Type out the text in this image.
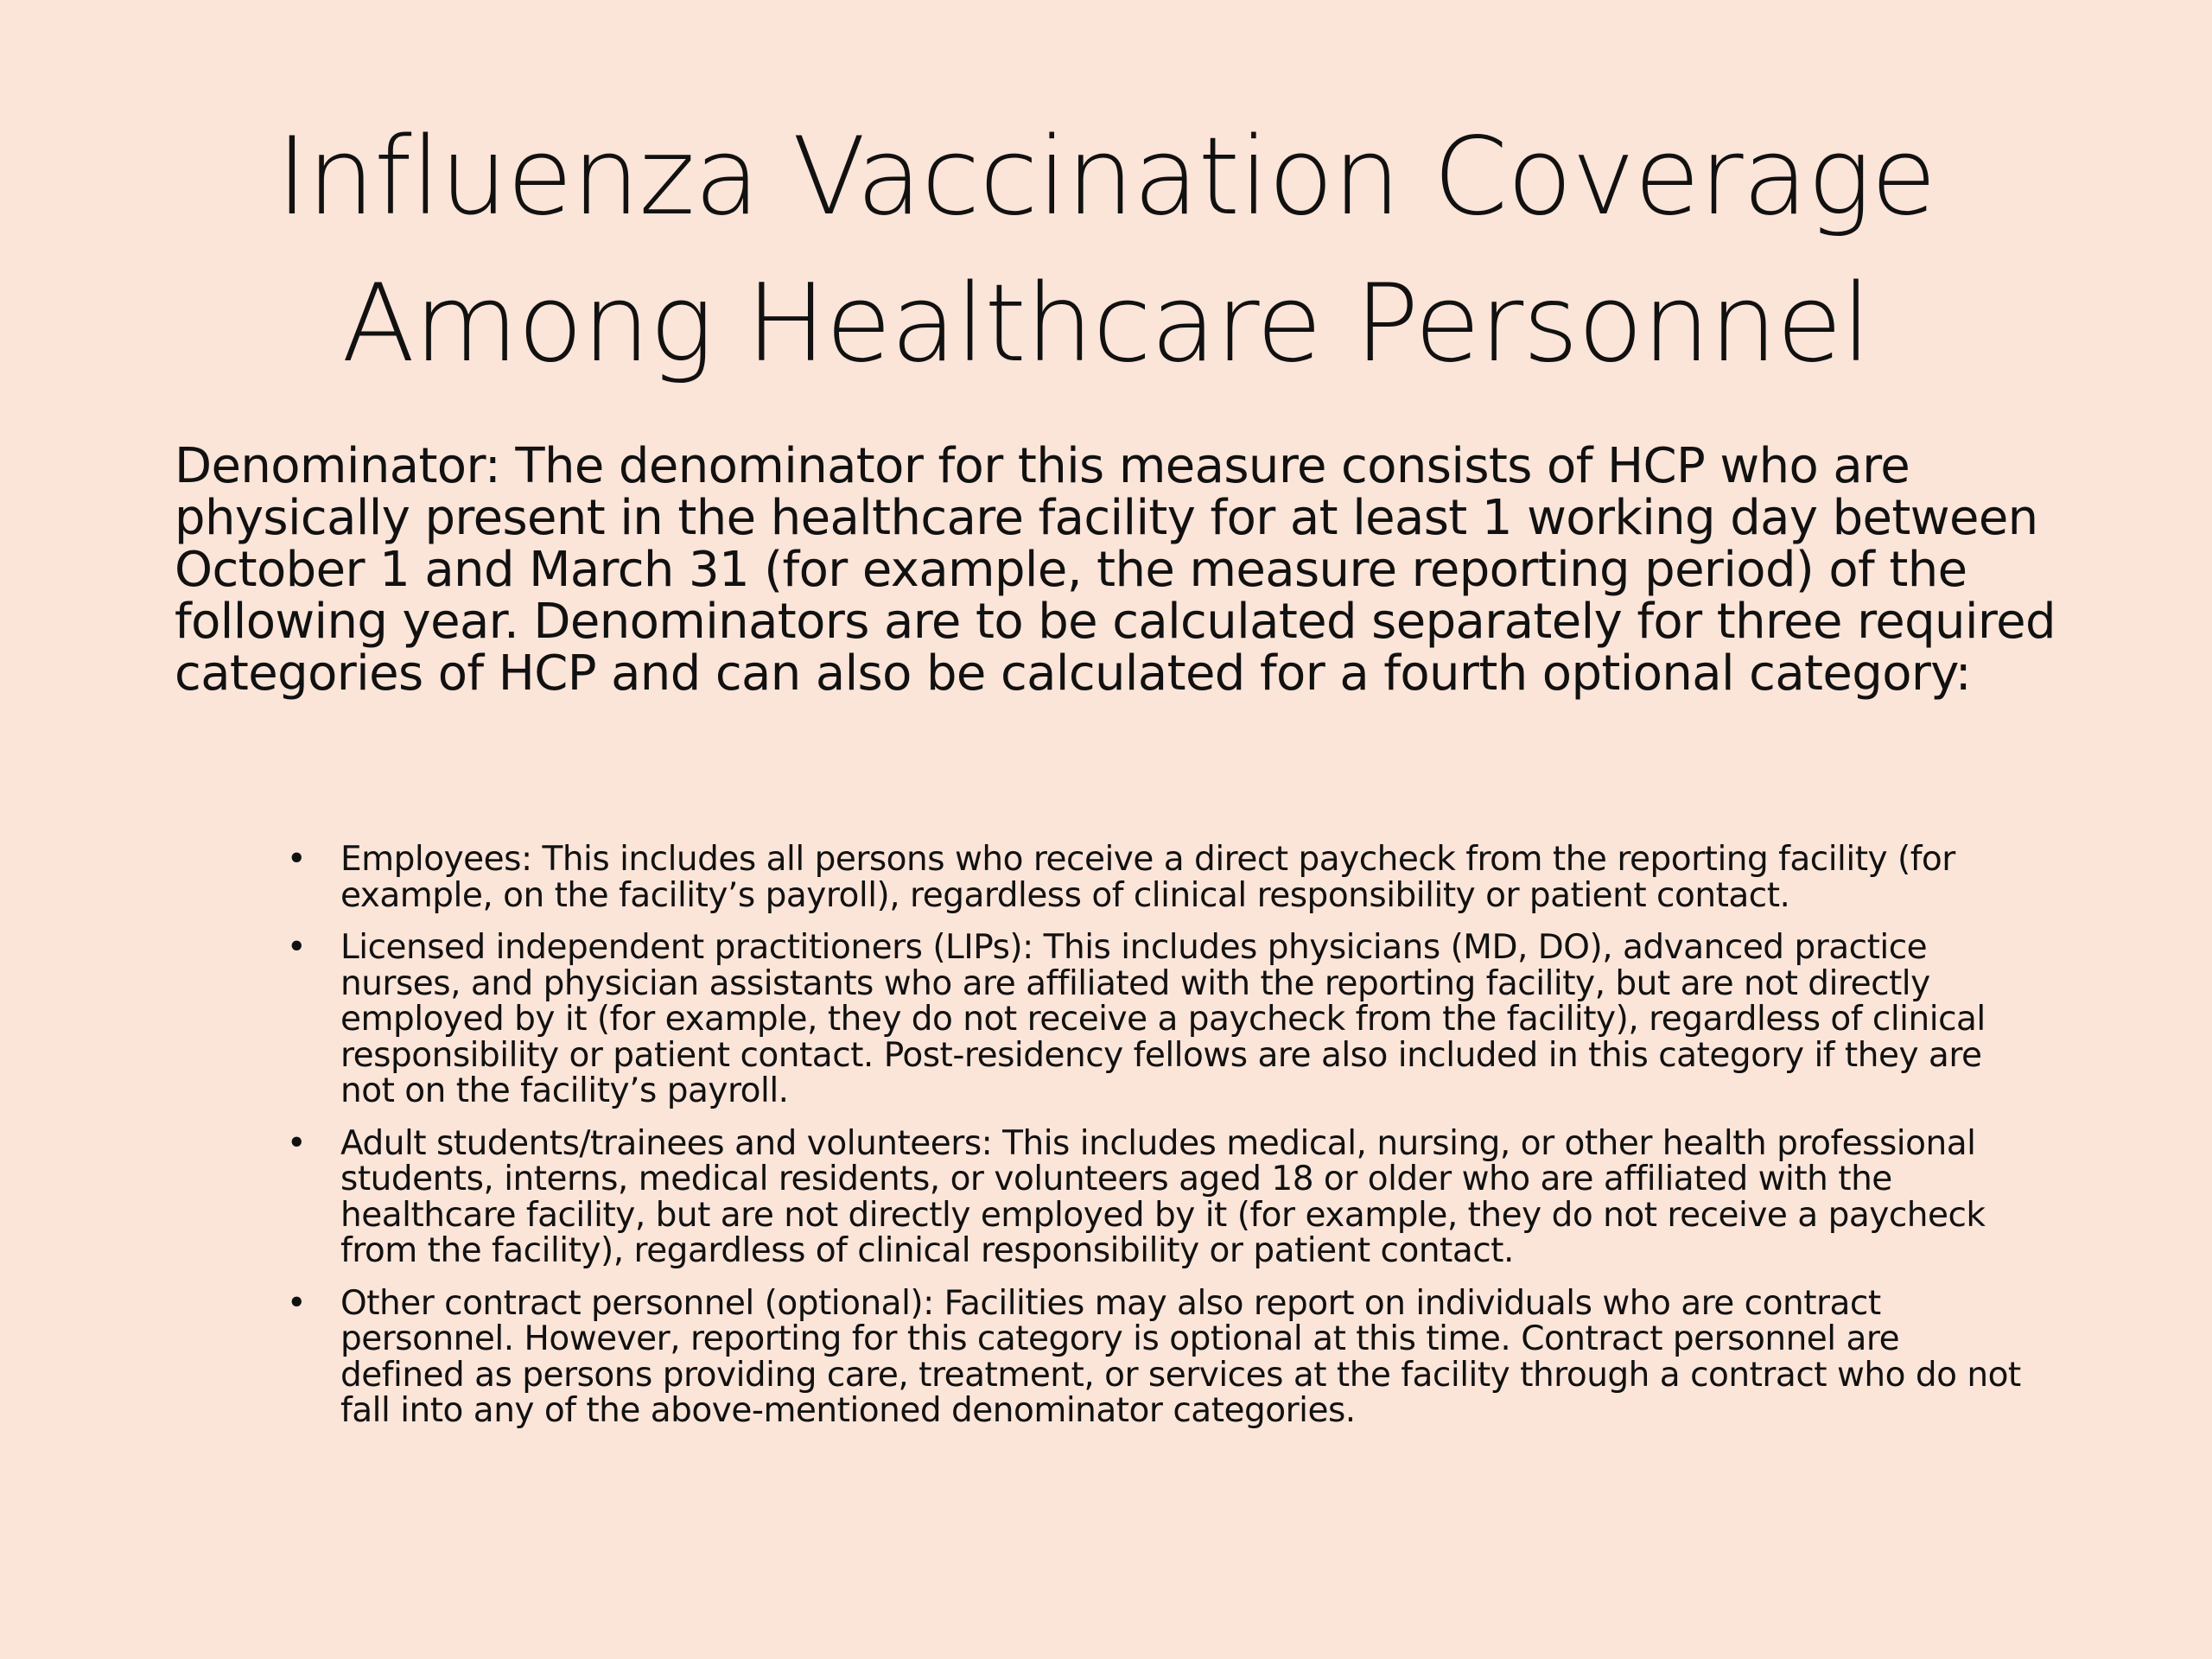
Influenza Vaccination Coverage
Among Healthcare Personnel

Denominator: The denominator for this measure consists of HCP who are physically present in the healthcare facility for at least 1 working day between October 1 and March 31 (for example, the measure reporting period) of the following year. Denominators are to be calculated separately for three required categories of HCP and can also be calculated for a fourth optional category:

• Employees: This includes all persons who receive a direct paycheck from the reporting facility (for example, on the facility’s payroll), regardless of clinical responsibility or patient contact.
• Licensed independent practitioners (LIPs): This includes physicians (MD, DO), advanced practice nurses, and physician assistants who are affiliated with the reporting facility, but are not directly employed by it (for example, they do not receive a paycheck from the facility), regardless of clinical responsibility or patient contact. Post-residency fellows are also included in this category if they are not on the facility’s payroll.
• Adult students/trainees and volunteers: This includes medical, nursing, or other health professional students, interns, medical residents, or volunteers aged 18 or older who are affiliated with the healthcare facility, but are not directly employed by it (for example, they do not receive a paycheck from the facility), regardless of clinical responsibility or patient contact.
• Other contract personnel (optional): Facilities may also report on individuals who are contract personnel. However, reporting for this category is optional at this time. Contract personnel are defined as persons providing care, treatment, or services at the facility through a contract who do not fall into any of the above-mentioned denominator categories.
